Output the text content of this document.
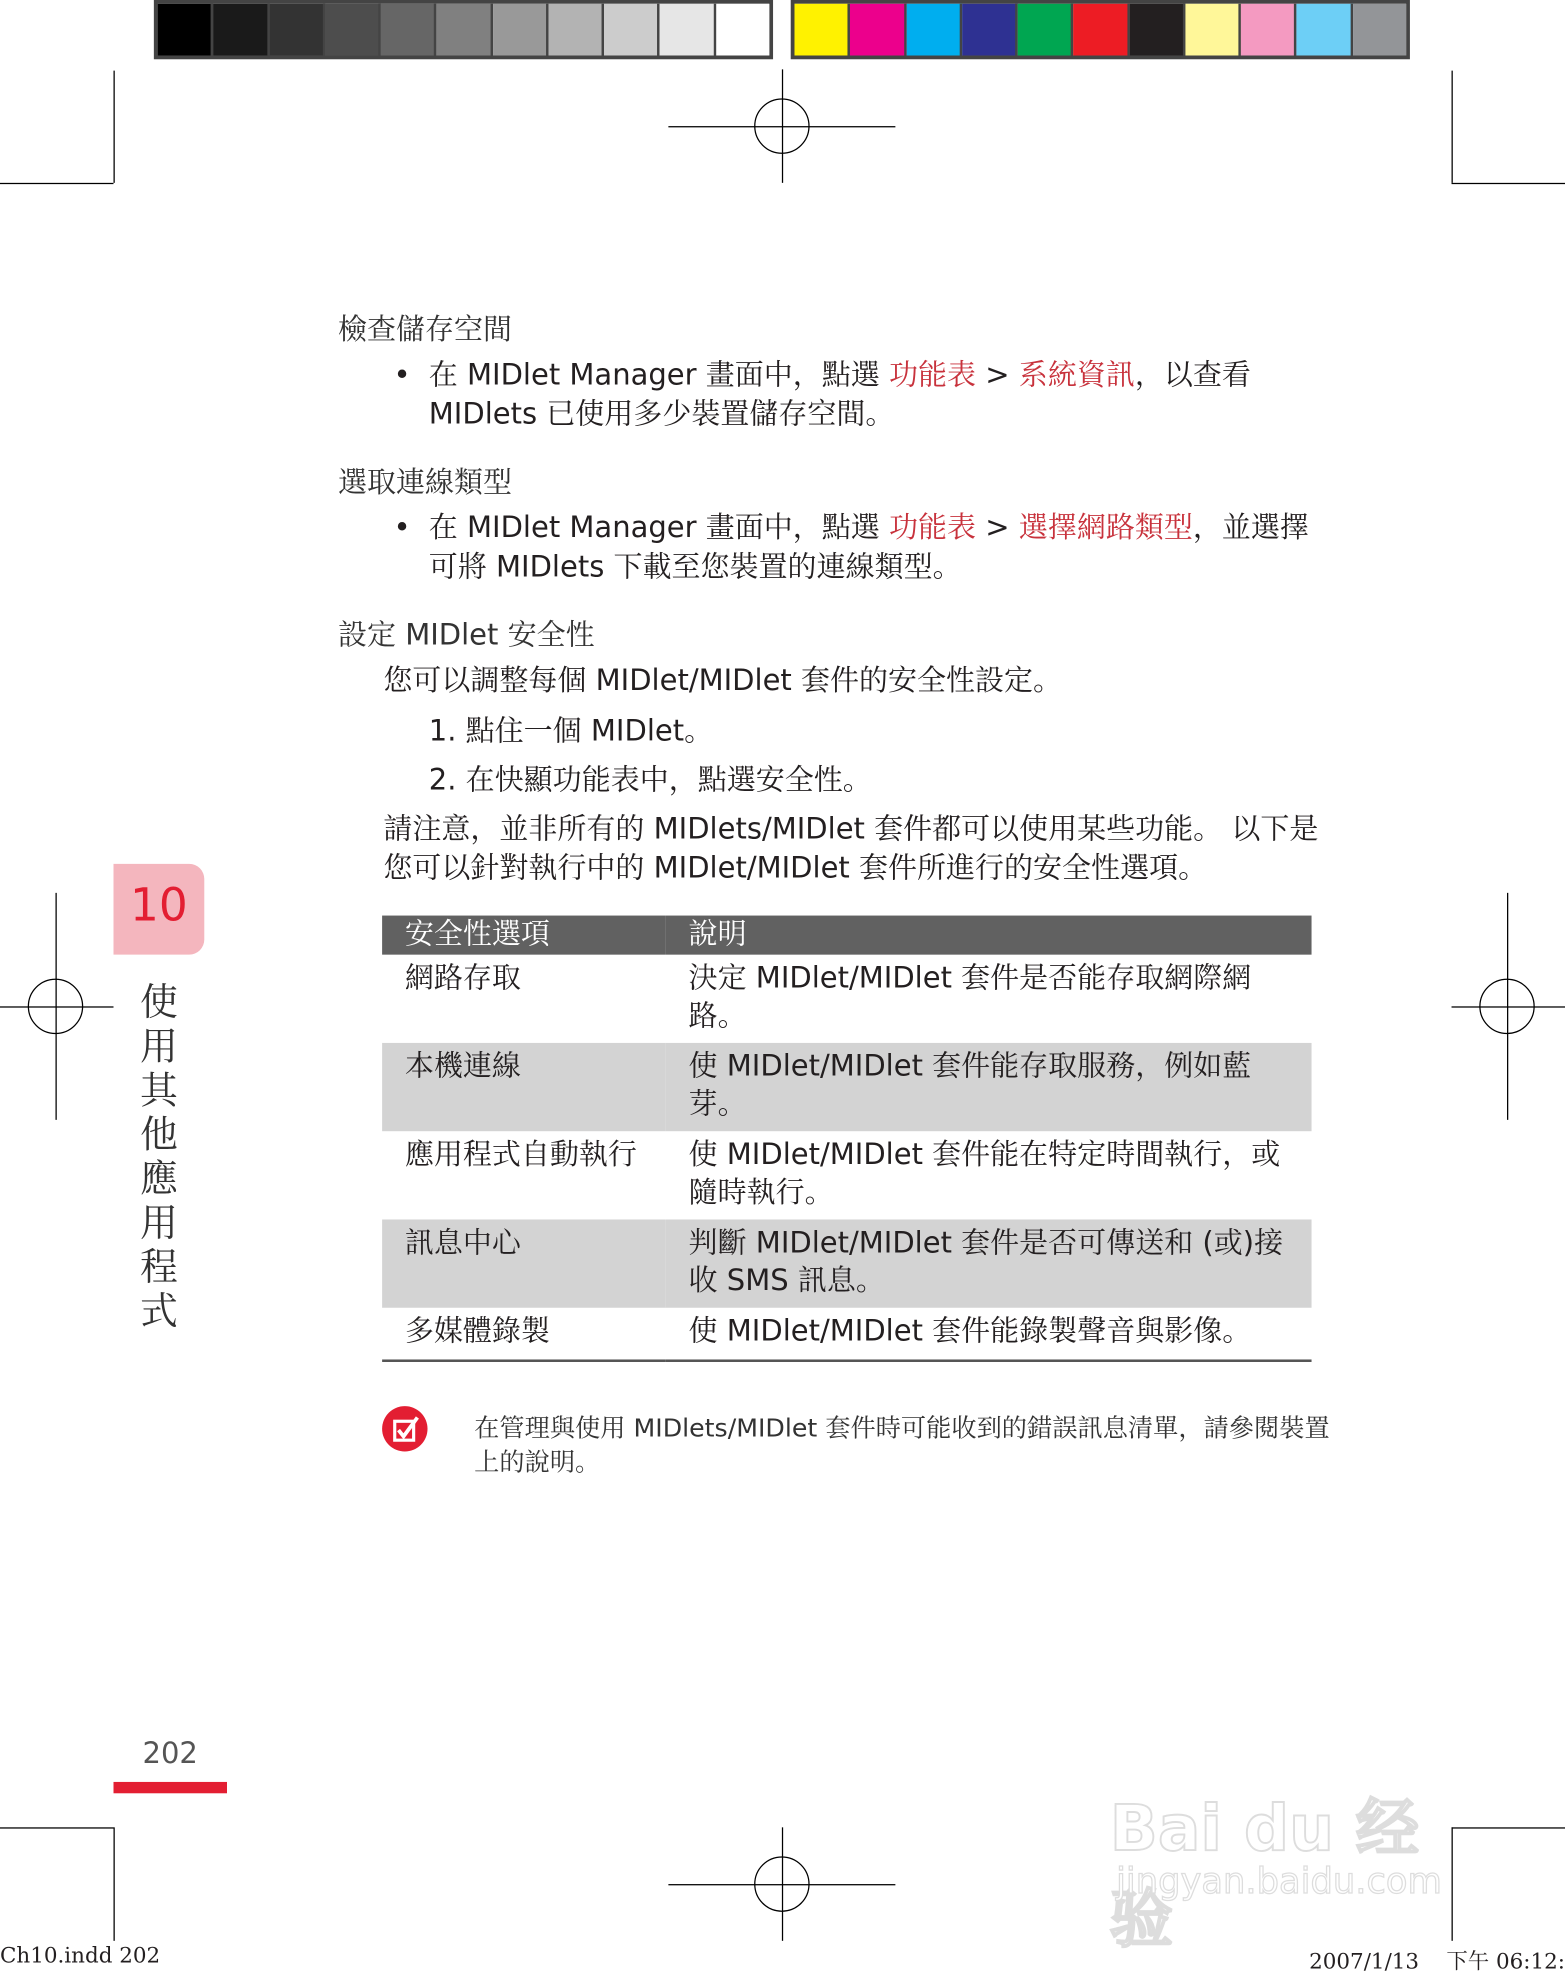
檢查儲存空間
• 在 MIDlet Manager 畫面中，點選 功能表 > 系統資訊，以查看 MIDlets 已使用多少裝置儲存空間。
選取連線類型
• 在 MIDlet Manager 畫面中，點選 功能表 > 選擇網路類型，並選擇可將 MIDlets 下載至您裝置的連線類型。
設定 MIDlet 安全性
您可以調整每個 MIDlet/MIDlet 套件的安全性設定。
1. 點住一個 MIDlet。
2. 在快顯功能表中，點選安全性。
請注意，並非所有的 MIDlets/MIDlet 套件都可以使用某些功能。 以下是您可以針對執行中的 MIDlet/MIDlet 套件所進行的安全性選項。
安全性選項	說明
網路存取	決定 MIDlet/MIDlet 套件是否能存取網際網路。
本機連線	使 MIDlet/MIDlet 套件能存取服務，例如藍芽。
應用程式自動執行	使 MIDlet/MIDlet 套件能在特定時間執行，或隨時執行。
訊息中心	判斷 MIDlet/MIDlet 套件是否可傳送和 (或)接收 SMS 訊息。
多媒體錄製	使 MIDlet/MIDlet 套件能錄製聲音與影像。
在管理與使用 MIDlets/MIDlet 套件時可能收到的錯誤訊息清單，請參閱裝置上的說明。
10
使用其他應用程式
202
Bai du 经验
jingyan.baidu.com
Ch10.indd 202	2007/1/13    下午 06:12:
